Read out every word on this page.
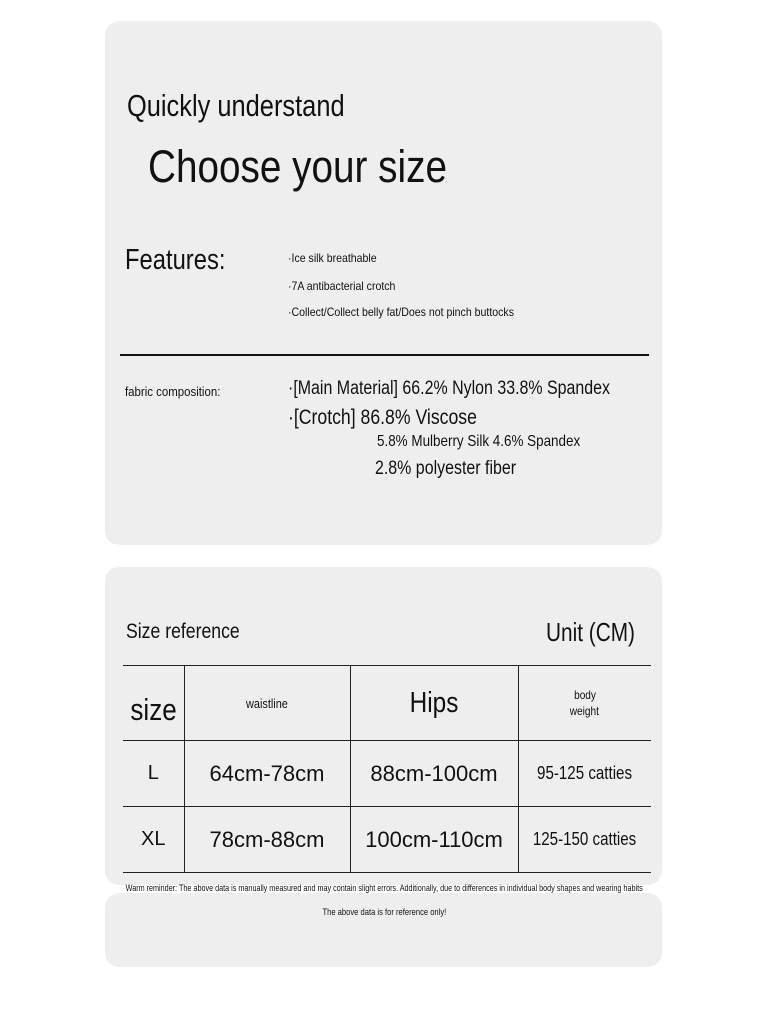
Quickly understand
Choose your size
Features:	·Ice silk breathable
·7A antibacterial crotch
·Collect/Collect belly fat/Does not pinch buttocks
fabric composition:	·[Main Material] 66.2% Nylon 33.8% Spandex
·[Crotch] 86.8% Viscose
5.8% Mulberry Silk 4.6% Spandex
2.8% polyester fiber
Size reference	Unit (CM)
size	waistline	Hips	body
weight
L	64cm-78cm	88cm-100cm	95-125 catties
XL	78cm-88cm	100cm-110cm	125-150 catties
Warm reminder: The above data is manually measured and may contain slight errors. Additionally, due to differences in individual body shapes and wearing habits
The above data is for reference only!
